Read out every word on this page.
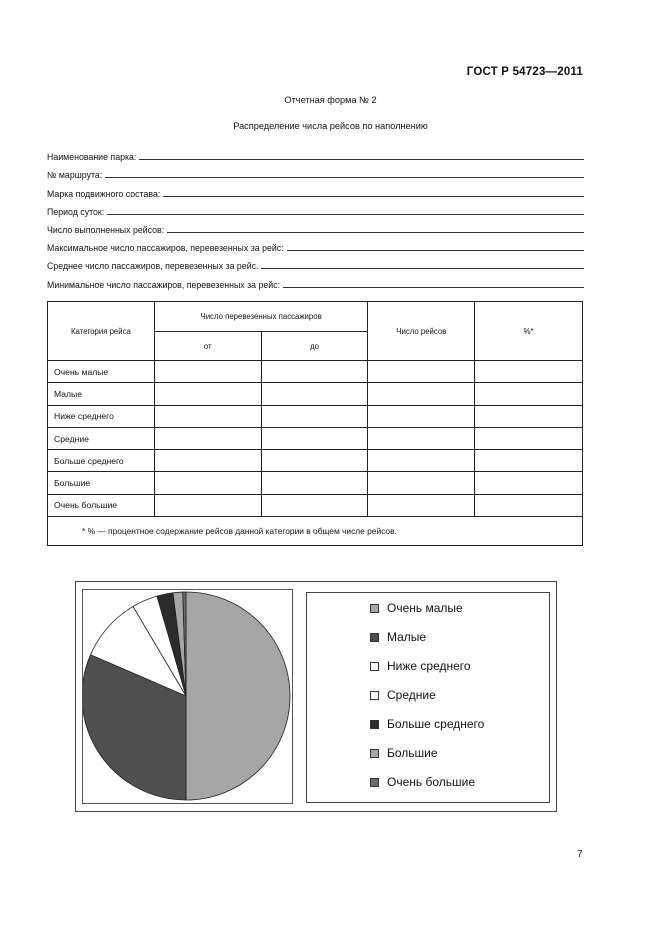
ГОСТ Р 54723—2011
Отчетная форма № 2
Распределение числа рейсов по наполнению
Наименование парка:
№ маршрута:
Марка подвижного состава:
Период суток:
Число выполненных рейсов:
Максимальное число пассажиров, перевезенных за рейс:
Среднее число пассажиров, перевезенных за рейс.
Минимальное число пассажиров, перевезенных за рейс:
Категория рейса	Число перевезенных пассажиров		Число рейсов	%*
	от	до		
Очень малые				
Малые				
Ниже среднего				
Средние				
Больше среднего				
Большие				
Очень большие				
* % — процентное содержание рейсов данной категории в общем числе рейсов.				
Очень малые
Малые
Ниже среднего
Средние
Больше среднего
Большие
Очень большие
7
